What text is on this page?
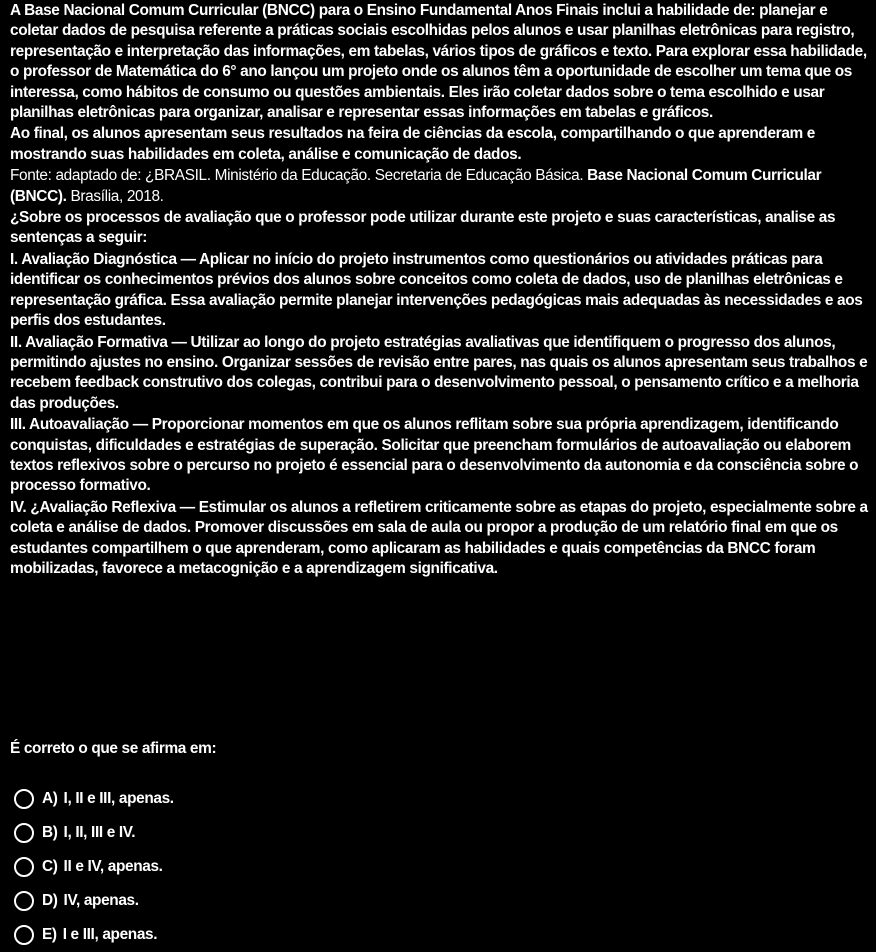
A Base Nacional Comum Curricular (BNCC) para o Ensino Fundamental Anos Finais inclui a habilidade de: planejar e coletar dados de pesquisa referente a práticas sociais escolhidas pelos alunos e usar planilhas eletrônicas para registro, representação e interpretação das informações, em tabelas, vários tipos de gráficos e texto. Para explorar essa habilidade, o professor de Matemática do 6° ano lançou um projeto onde os alunos têm a oportunidade de escolher um tema que os interessa, como hábitos de consumo ou questões ambientais. Eles irão coletar dados sobre o tema escolhido e usar planilhas eletrônicas para organizar, analisar e representar essas informações em tabelas e gráficos.

Ao final, os alunos apresentam seus resultados na feira de ciências da escola, compartilhando o que aprenderam e mostrando suas habilidades em coleta, análise e comunicação de dados.

Fonte: adaptado de: ¿BRASIL. Ministério da Educação. Secretaria de Educação Básica. Base Nacional Comum Curricular (BNCC). Brasília, 2018.

¿Sobre os processos de avaliação que o professor pode utilizar durante este projeto e suas características, analise as sentenças a seguir:

I. Avaliação Diagnóstica — Aplicar no início do projeto instrumentos como questionários ou atividades práticas para identificar os conhecimentos prévios dos alunos sobre conceitos como coleta de dados, uso de planilhas eletrônicas e representação gráfica. Essa avaliação permite planejar intervenções pedagógicas mais adequadas às necessidades e aos perfis dos estudantes.

II. Avaliação Formativa — Utilizar ao longo do projeto estratégias avaliativas que identifiquem o progresso dos alunos, permitindo ajustes no ensino. Organizar sessões de revisão entre pares, nas quais os alunos apresentam seus trabalhos e recebem feedback construtivo dos colegas, contribui para o desenvolvimento pessoal, o pensamento crítico e a melhoria das produções.

III. Autoavaliação — Proporcionar momentos em que os alunos reflitam sobre sua própria aprendizagem, identificando conquistas, dificuldades e estratégias de superação. Solicitar que preencham formulários de autoavaliação ou elaborem textos reflexivos sobre o percurso no projeto é essencial para o desenvolvimento da autonomia e da consciência sobre o processo formativo.

IV. ¿Avaliação Reflexiva — Estimular os alunos a refletirem criticamente sobre as etapas do projeto, especialmente sobre a coleta e análise de dados. Promover discussões em sala de aula ou propor a produção de um relatório final em que os estudantes compartilhem o que aprenderam, como aplicaram as habilidades e quais competências da BNCC foram mobilizadas, favorece a metacognição e a aprendizagem significativa.

É correto o que se afirma em:
A) I, II e III, apenas.
B) I, II, III e IV.
C) II e IV, apenas.
D) IV, apenas.
E) I e III, apenas.
